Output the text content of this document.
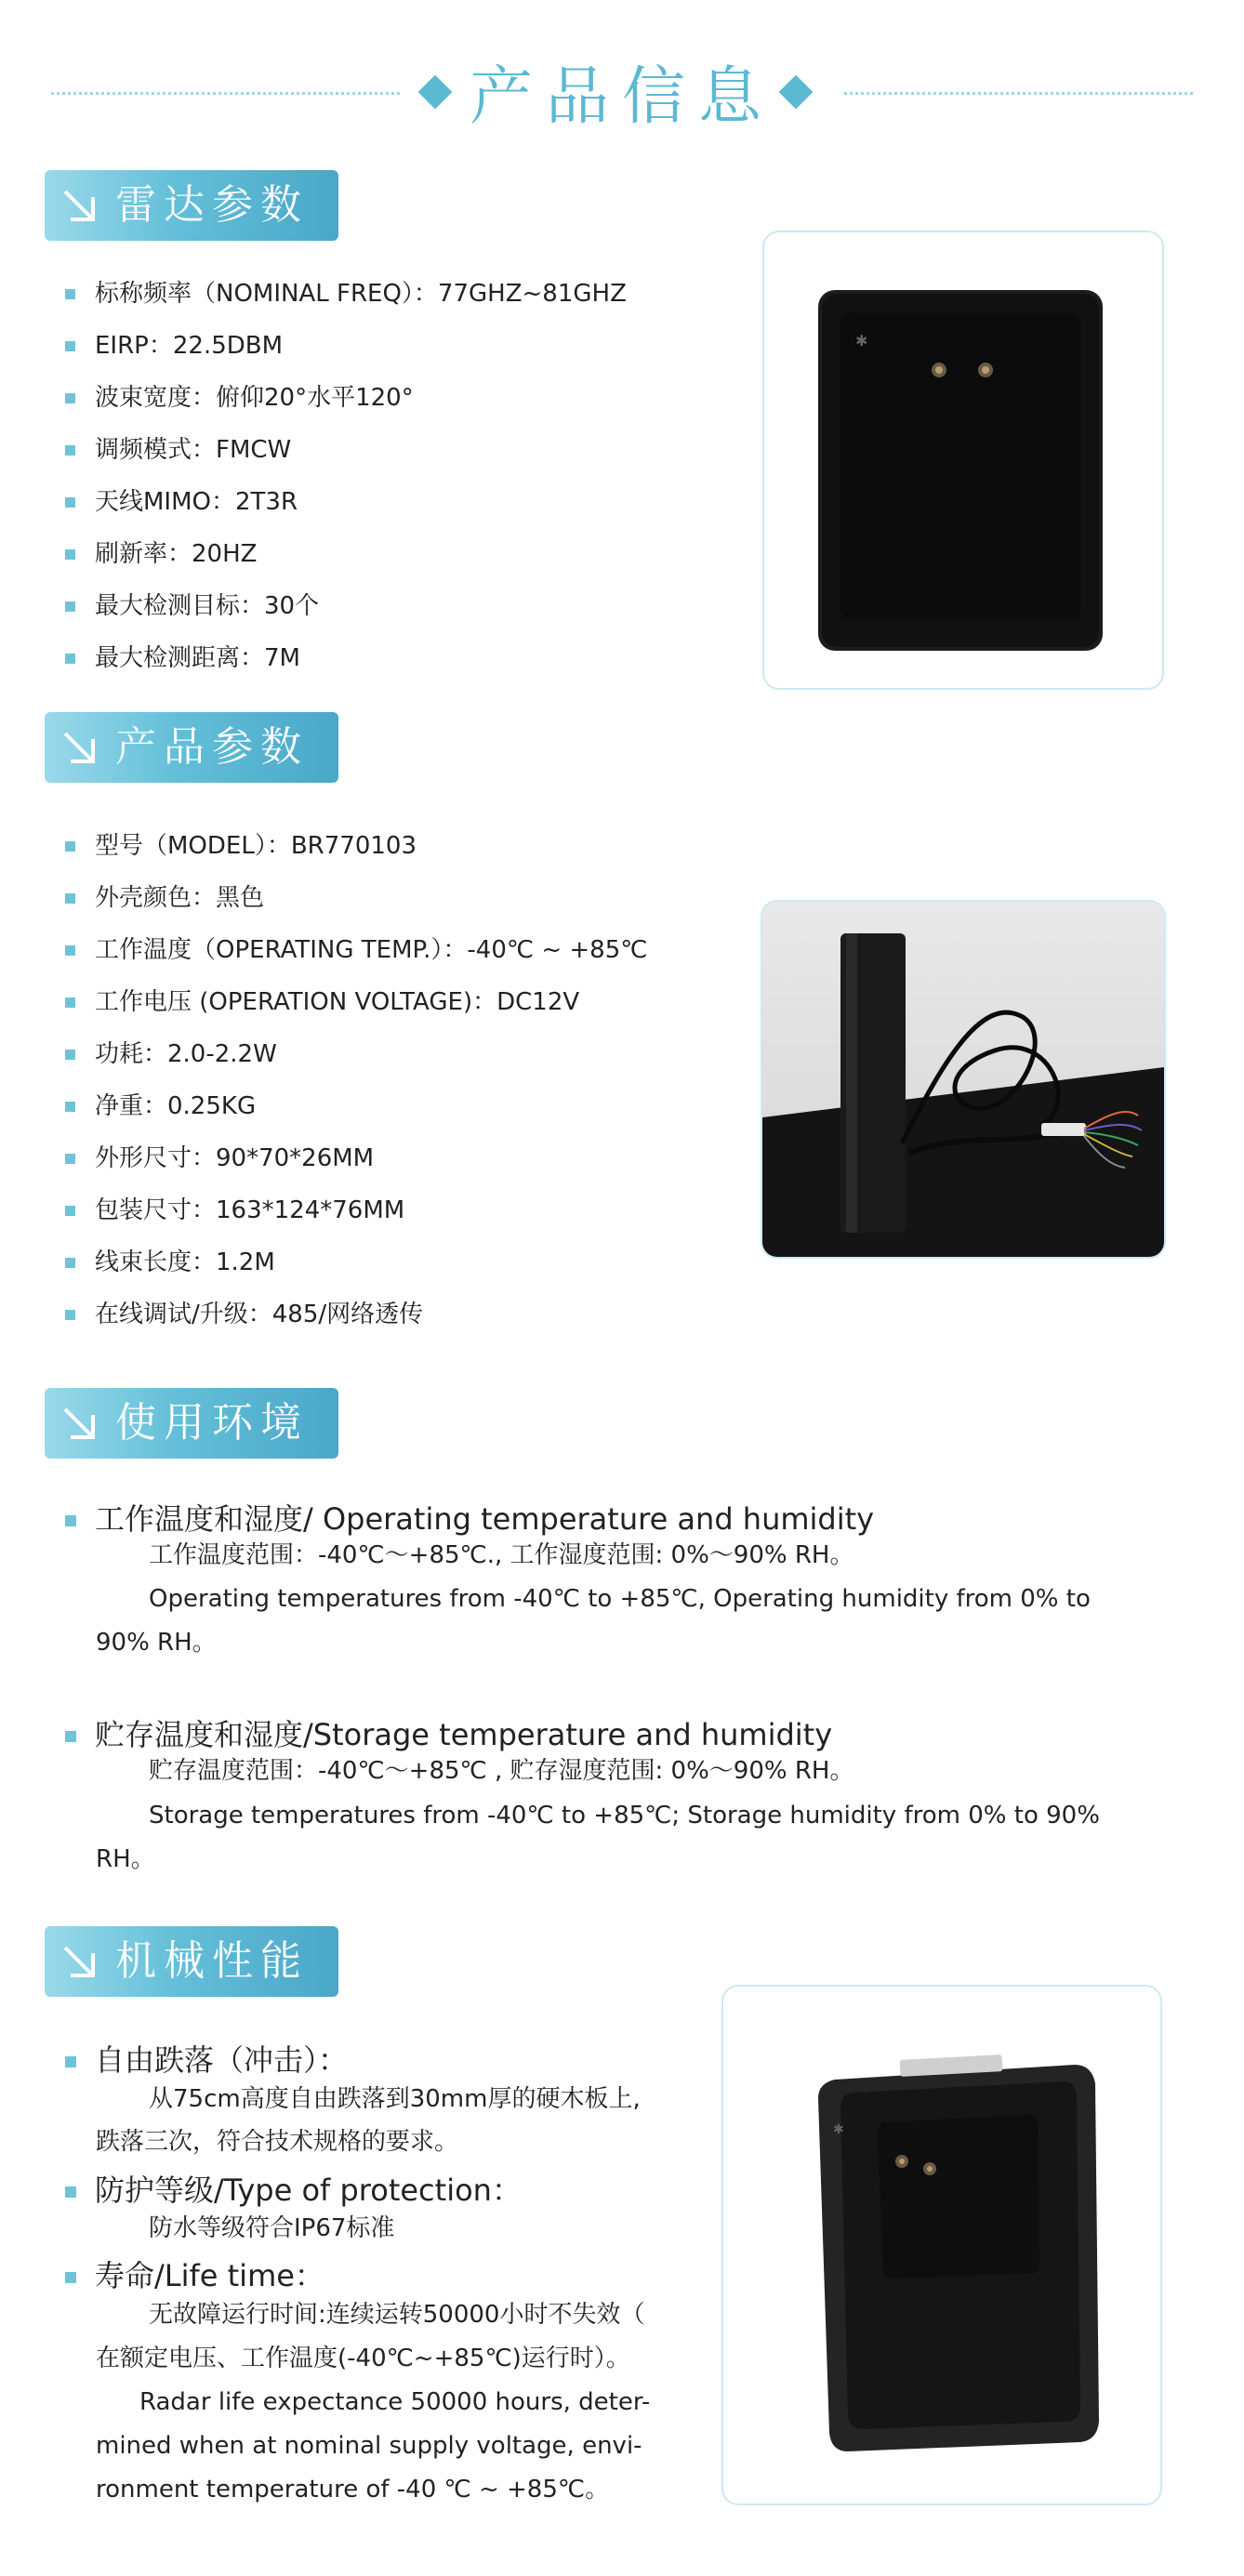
产品信息
雷达参数
标称频率（NOMINAL FREQ）：77GHZ~81GHZ
EIRP：22.5DBM
波束宽度：俯仰20°水平120°
调频模式：FMCW
天线MIMO：2T3R
刷新率：20HZ
最大检测目标：30个
最大检测距离：7M
✱
产品参数
型号（MODEL）：BR770103
外壳颜色：黑色
工作温度（OPERATING TEMP.）：-40℃ ~ +85℃
工作电压 (OPERATION VOLTAGE)：DC12V
功耗：2.0-2.2W
净重：0.25KG
外形尺寸：90*70*26MM
包装尺寸：163*124*76MM
线束长度：1.2M
在线调试/升级：485/网络透传
使用环境
工作温度和湿度/ Operating temperature and humidity
工作温度范围：-40℃～+85℃., 工作湿度范围: 0%～90% RH。
Operating temperatures from -40℃ to +85℃, Operating humidity from 0% to
90% RH。
贮存温度和湿度/Storage temperature and humidity
贮存温度范围：-40℃～+85℃ , 贮存湿度范围: 0%～90% RH。
Storage temperatures from -40℃ to +85℃; Storage humidity from 0% to 90%
RH。
机械性能
自由跌落（冲击）：
从75cm高度自由跌落到30mm厚的硬木板上,
跌落三次，符合技术规格的要求。
防护等级/Type of protection：
防水等级符合IP67标准
寿命/Life time：
无故障运行时间:连续运转50000小时不失效（
在额定电压、工作温度(-40℃~+85℃)运行时）。
Radar life expectance 50000 hours, deter-
mined when at nominal supply voltage, envi-
ronment temperature of -40 ℃ ~ +85℃。
✱
